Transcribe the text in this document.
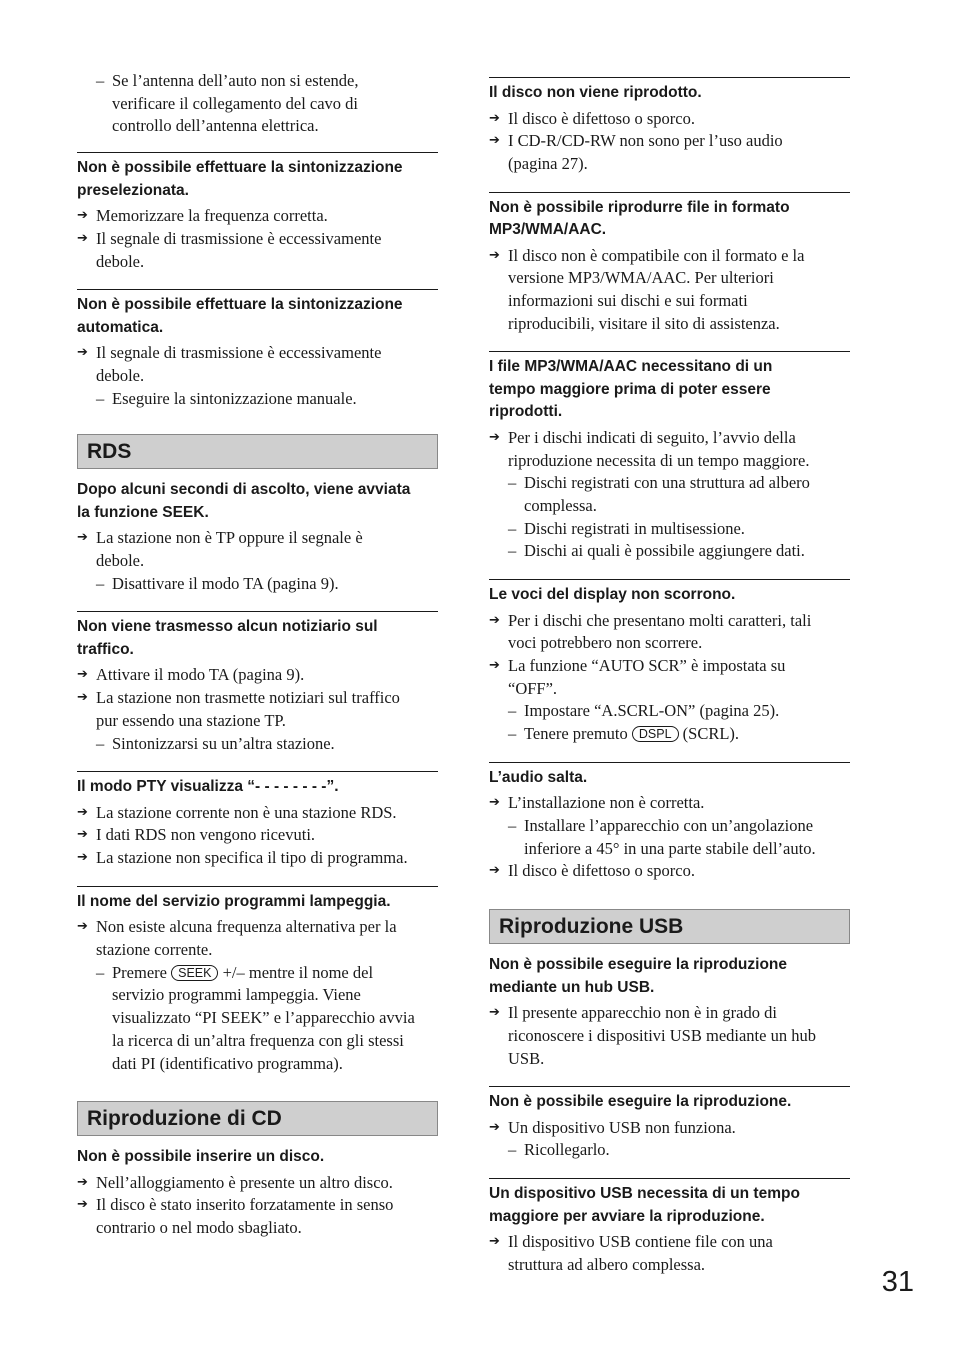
– Se l’antenna dell’auto non si estende,
verificare il collegamento del cavo di
controllo dell’antenna elettrica.
Non è possibile effettuare la sintonizzazione
preselezionata.
➔ Memorizzare la frequenza corretta.
➔ Il segnale di trasmissione è eccessivamente
debole.
Non è possibile effettuare la sintonizzazione
automatica.
➔ Il segnale di trasmissione è eccessivamente
debole.
– Eseguire la sintonizzazione manuale.
RDS
Dopo alcuni secondi di ascolto, viene avviata
la funzione SEEK.
➔ La stazione non è TP oppure il segnale è
debole.
– Disattivare il modo TA (pagina 9).
Non viene trasmesso alcun notiziario sul
traffico.
➔ Attivare il modo TA (pagina 9).
➔ La stazione non trasmette notiziari sul traffico
pur essendo una stazione TP.
– Sintonizzarsi su un’altra stazione.
Il modo PTY visualizza “- - - - - - - -”.
➔ La stazione corrente non è una stazione RDS.
➔ I dati RDS non vengono ricevuti.
➔ La stazione non specifica il tipo di programma.
Il nome del servizio programmi lampeggia.
➔ Non esiste alcuna frequenza alternativa per la
stazione corrente.
– Premere SEEK +/– mentre il nome del
servizio programmi lampeggia. Viene
visualizzato “PI SEEK” e l’apparecchio avvia
la ricerca di un’altra frequenza con gli stessi
dati PI (identificativo programma).
Riproduzione di CD
Non è possibile inserire un disco.
➔ Nell’alloggiamento è presente un altro disco.
➔ Il disco è stato inserito forzatamente in senso
contrario o nel modo sbagliato.
Il disco non viene riprodotto.
➔ Il disco è difettoso o sporco.
➔ I CD-R/CD-RW non sono per l’uso audio
(pagina 27).
Non è possibile riprodurre file in formato
MP3/WMA/AAC.
➔ Il disco non è compatibile con il formato e la
versione MP3/WMA/AAC. Per ulteriori
informazioni sui dischi e sui formati
riproducibili, visitare il sito di assistenza.
I file MP3/WMA/AAC necessitano di un
tempo maggiore prima di poter essere
riprodotti.
➔ Per i dischi indicati di seguito, l’avvio della
riproduzione necessita di un tempo maggiore.
– Dischi registrati con una struttura ad albero
complessa.
– Dischi registrati in multisessione.
– Dischi ai quali è possibile aggiungere dati.
Le voci del display non scorrono.
➔ Per i dischi che presentano molti caratteri, tali
voci potrebbero non scorrere.
➔ La funzione “AUTO SCR” è impostata su
“OFF”.
– Impostare “A.SCRL-ON” (pagina 25).
– Tenere premuto DSPL (SCRL).
L’audio salta.
➔ L’installazione non è corretta.
– Installare l’apparecchio con un’angolazione
inferiore a 45° in una parte stabile dell’auto.
➔ Il disco è difettoso o sporco.
Riproduzione USB
Non è possibile eseguire la riproduzione
mediante un hub USB.
➔ Il presente apparecchio non è in grado di
riconoscere i dispositivi USB mediante un hub
USB.
Non è possibile eseguire la riproduzione.
➔ Un dispositivo USB non funziona.
– Ricollegarlo.
Un dispositivo USB necessita di un tempo
maggiore per avviare la riproduzione.
➔ Il dispositivo USB contiene file con una
struttura ad albero complessa.
31
